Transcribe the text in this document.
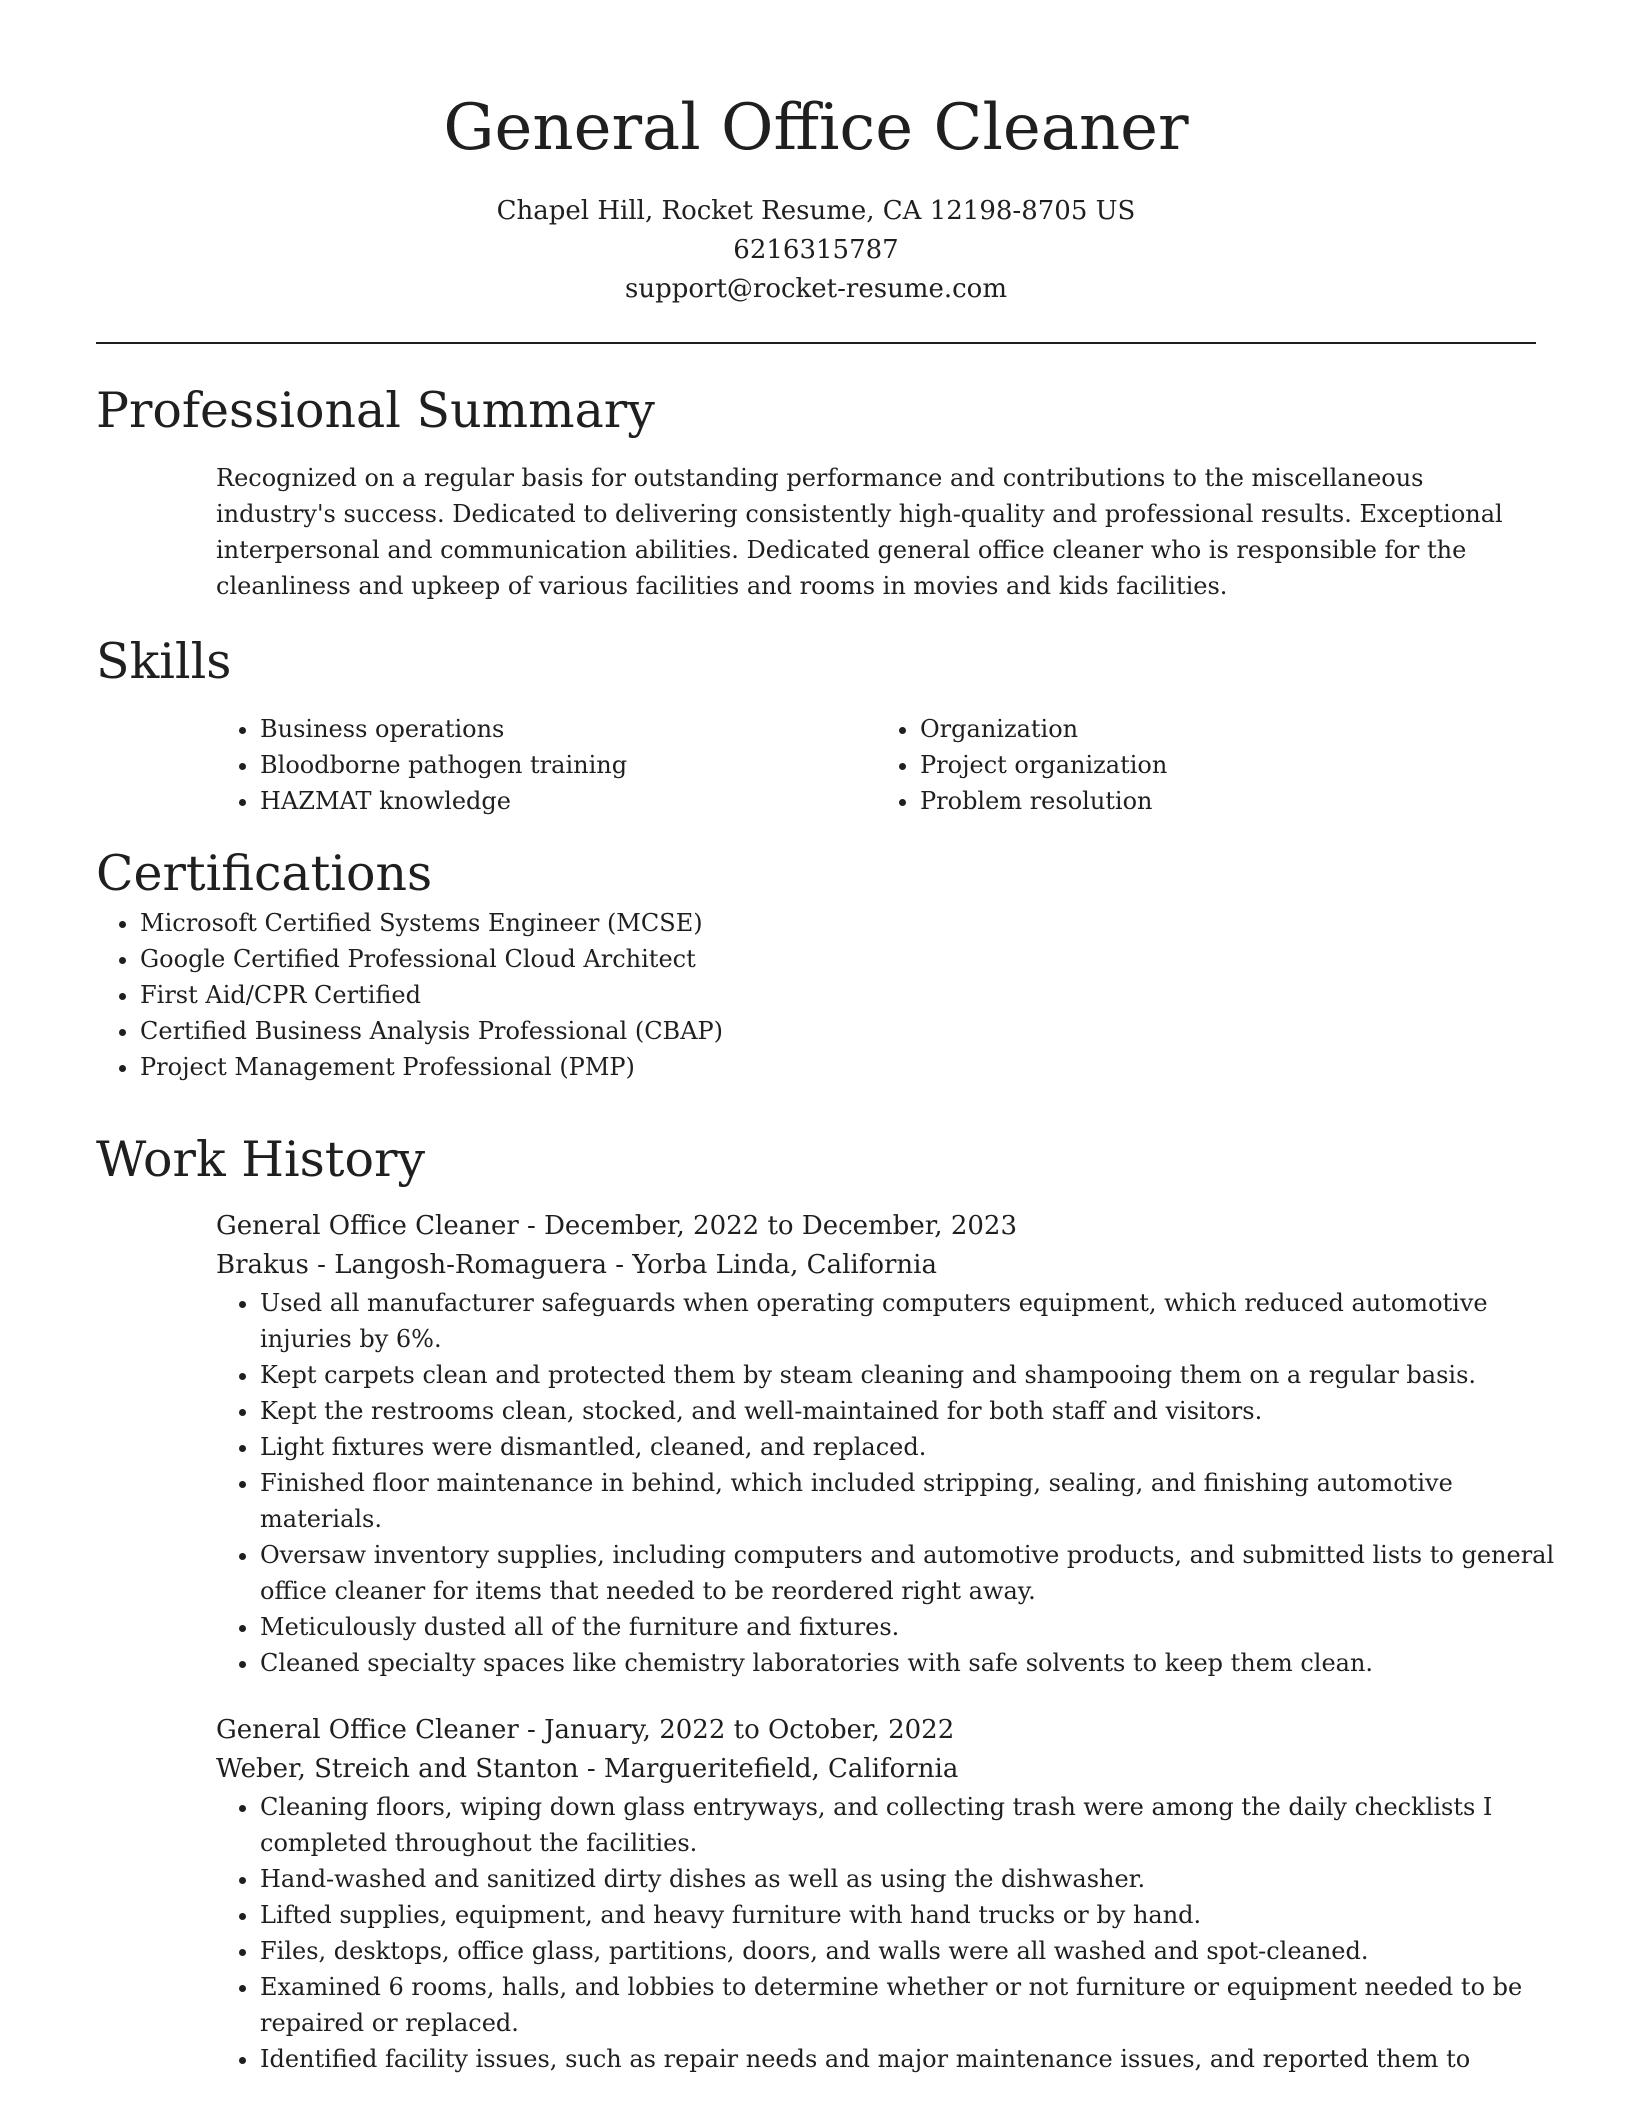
General Office Cleaner
Chapel Hill, Rocket Resume, CA 12198-8705 US
6216315787
support@rocket-resume.com
Professional Summary

Recognized on a regular basis for outstanding performance and contributions to the miscellaneous industry's success. Dedicated to delivering consistently high-quality and professional results. Exceptional interpersonal and communication abilities. Dedicated general office cleaner who is responsible for the cleanliness and upkeep of various facilities and rooms in movies and kids facilities.

Skills
• Business operations
• Bloodborne pathogen training
• HAZMAT knowledge
• Organization
• Project organization
• Problem resolution
Certifications
• Microsoft Certified Systems Engineer (MCSE)
• Google Certified Professional Cloud Architect
• First Aid/CPR Certified
• Certified Business Analysis Professional (CBAP)
• Project Management Professional (PMP)
Work History
General Office Cleaner - December, 2022 to December, 2023
Brakus - Langosh-Romaguera - Yorba Linda, California
• Used all manufacturer safeguards when operating computers equipment, which reduced automotive injuries by 6%.
• Kept carpets clean and protected them by steam cleaning and shampooing them on a regular basis.
• Kept the restrooms clean, stocked, and well-maintained for both staff and visitors.
• Light fixtures were dismantled, cleaned, and replaced.
• Finished floor maintenance in behind, which included stripping, sealing, and finishing automotive materials.
• Oversaw inventory supplies, including computers and automotive products, and submitted lists to general office cleaner for items that needed to be reordered right away.
• Meticulously dusted all of the furniture and fixtures.
• Cleaned specialty spaces like chemistry laboratories with safe solvents to keep them clean.
General Office Cleaner - January, 2022 to October, 2022
Weber, Streich and Stanton - Margueritefield, California
• Cleaning floors, wiping down glass entryways, and collecting trash were among the daily checklists I completed throughout the facilities.
• Hand-washed and sanitized dirty dishes as well as using the dishwasher.
• Lifted supplies, equipment, and heavy furniture with hand trucks or by hand.
• Files, desktops, office glass, partitions, doors, and walls were all washed and spot-cleaned.
• Examined 6 rooms, halls, and lobbies to determine whether or not furniture or equipment needed to be repaired or replaced.
• Identified facility issues, such as repair needs and major maintenance issues, and reported them to
